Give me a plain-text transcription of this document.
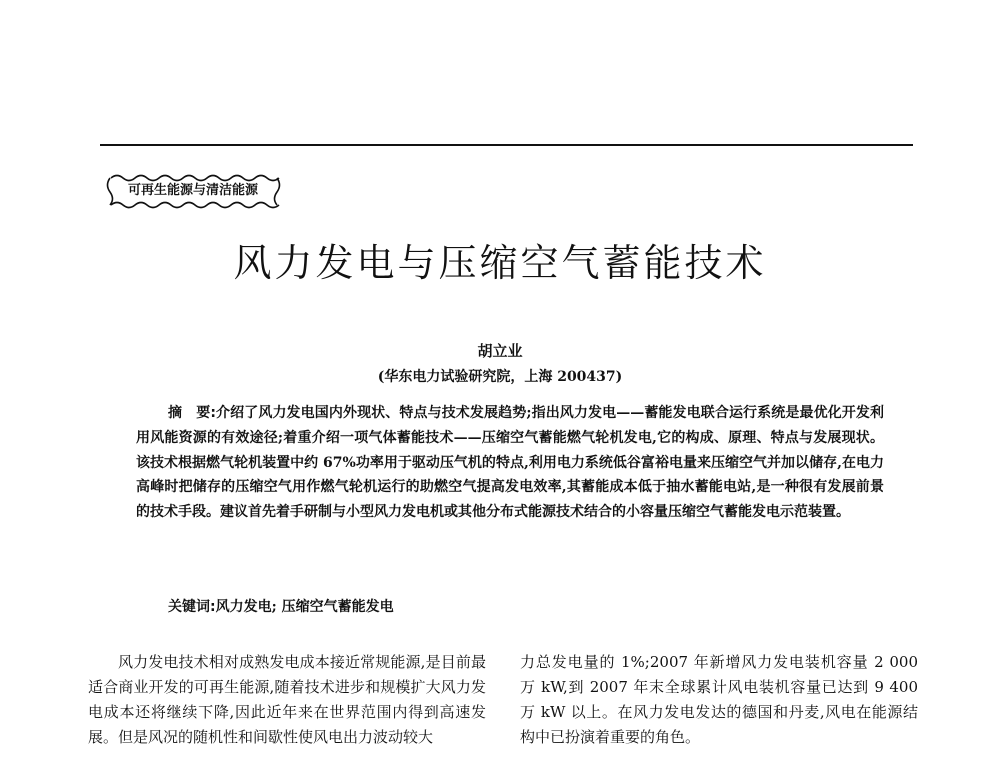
可再生能源与清洁能源
风力发电与压缩空气蓄能技术
胡立业
(华东电力试验研究院，上海 200437)

摘　要:介绍了风力发电国内外现状、特点与技术发展趋势;指出风力发电——蓄能发电联合运行系统是最优化开发利用风能资源的有效途径;着重介绍一项气体蓄能技术——压缩空气蓄能燃气轮机发电,它的构成、原理、特点与发展现状。该技术根据燃气轮机装置中约 67%功率用于驱动压气机的特点,利用电力系统低谷富裕电量来压缩空气并加以储存,在电力高峰时把储存的压缩空气用作燃气轮机运行的助燃空气提高发电效率,其蓄能成本低于抽水蓄能电站,是一种很有发展前景的技术手段。建议首先着手研制与小型风力发电机或其他分布式能源技术结合的小容量压缩空气蓄能发电示范装置。

关键词:风力发电; 压缩空气蓄能发电

风力发电技术相对成熟发电成本接近常规能源,是目前最适合商业开发的可再生能源,随着技术进步和规模扩大风力发电成本还将继续下降,因此近年来在世界范围内得到高速发展。但是风况的随机性和间歇性使风电出力波动较大

力总发电量的 1%;2007 年新增风力发电装机容量 2 000 万 kW,到 2007 年末全球累计风电装机容量已达到 9 400 万 kW 以上。在风力发电发达的德国和丹麦,风电在能源结构中已扮演着重要的角色。
